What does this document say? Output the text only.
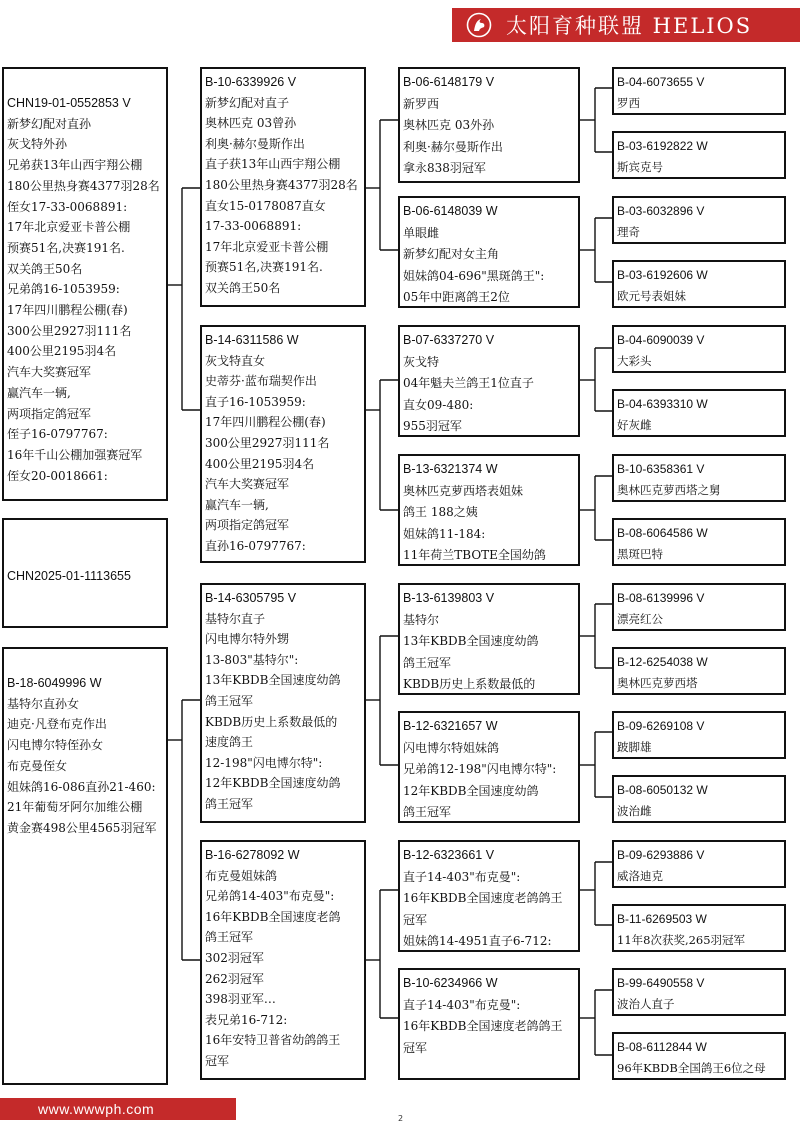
太阳育种联盟 HELIOS
CHN19-01-0552853 V
新梦幻配对直孙
灰戈特外孙
兄弟获13年山西宇翔公棚
180公里热身赛4377羽28名
侄女17-33-0068891:
17年北京爱亚卡普公棚
预赛51名,决赛191名.
双关鸽王50名
兄弟鸽16-1053959:
17年四川鹏程公棚(春)
300公里2927羽111名
400公里2195羽4名
汽车大奖赛冠军
赢汽车一辆,
两项指定鸽冠军
侄子16-0797767:
16年千山公棚加强赛冠军
侄女20-0018661:
CHN2025-01-1113655
B-18-6049996 W
基特尔直孙女
迪克·凡登布克作出
闪电博尔特侄孙女
布克曼侄女
姐妹鸽16-086直孙21-460:
21年葡萄牙阿尔加维公棚
黄金赛498公里4565羽冠军
B-10-6339926 V
新梦幻配对直子
奥林匹克 03曾孙
利奥·赫尔曼斯作出
直子获13年山西宇翔公棚
180公里热身赛4377羽28名
直女15-0178087直女
17-33-0068891:
17年北京爱亚卡普公棚
预赛51名,决赛191名.
双关鸽王50名
B-14-6311586 W
灰戈特直女
史蒂芬·蓝布瑞契作出
直子16-1053959:
17年四川鹏程公棚(春)
300公里2927羽111名
400公里2195羽4名
汽车大奖赛冠军
赢汽车一辆,
两项指定鸽冠军
直孙16-0797767:
B-14-6305795 V
基特尔直子
闪电博尔特外甥
13-803"基特尔":
13年KBDB全国速度幼鸽
鸽王冠军
KBDB历史上系数最低的
速度鸽王
12-198"闪电博尔特":
12年KBDB全国速度幼鸽
鸽王冠军
B-16-6278092 W
布克曼姐妹鸽
兄弟鸽14-403"布克曼":
16年KBDB全国速度老鸽
鸽王冠军
302羽冠军
262羽冠军
398羽亚军…
表兄弟16-712:
16年安特卫普省幼鸽鸽王
冠军
B-06-6148179 V
新罗西
奥林匹克 03外孙
利奥·赫尔曼斯作出
拿永838羽冠军
B-06-6148039 W
单眼雌
新梦幻配对女主角
姐妹鸽04-696"黑斑鸽王":
05年中距离鸽王2位
B-07-6337270 V
灰戈特
04年魁夫兰鸽王1位直子
直女09-480:
955羽冠军
B-13-6321374 W
奥林匹克萝西塔表姐妹
鸽王 188之姨
姐妹鸽11-184:
11年荷兰TBOTE全国幼鸽
B-13-6139803 V
基特尔
13年KBDB全国速度幼鸽
鸽王冠军
KBDB历史上系数最低的
B-12-6321657 W
闪电博尔特姐妹鸽
兄弟鸽12-198"闪电博尔特":
12年KBDB全国速度幼鸽
鸽王冠军
B-12-6323661 V
直子14-403"布克曼":
16年KBDB全国速度老鸽鸽王
冠军
姐妹鸽14-4951直子6-712:
B-10-6234966 W
直子14-403"布克曼":
16年KBDB全国速度老鸽鸽王
冠军
B-04-6073655 V
罗西
B-03-6192822 W
斯宾克号
B-03-6032896 V
理奇
B-03-6192606 W
欧元号表姐妹
B-04-6090039 V
大彩头
B-04-6393310 W
好灰雌
B-10-6358361 V
奥林匹克萝西塔之舅
B-08-6064586 W
黑斑巴特
B-08-6139996 V
漂亮红公
B-12-6254038 W
奥林匹克萝西塔
B-09-6269108 V
跛脚雄
B-08-6050132 W
波治雌
B-09-6293886 V
威洛迪克
B-11-6269503 W
11年8次获奖,265羽冠军
B-99-6490558 V
波治人直子
B-08-6112844 W
96年KBDB全国鸽王6位之母
www.wwwph.com
2
